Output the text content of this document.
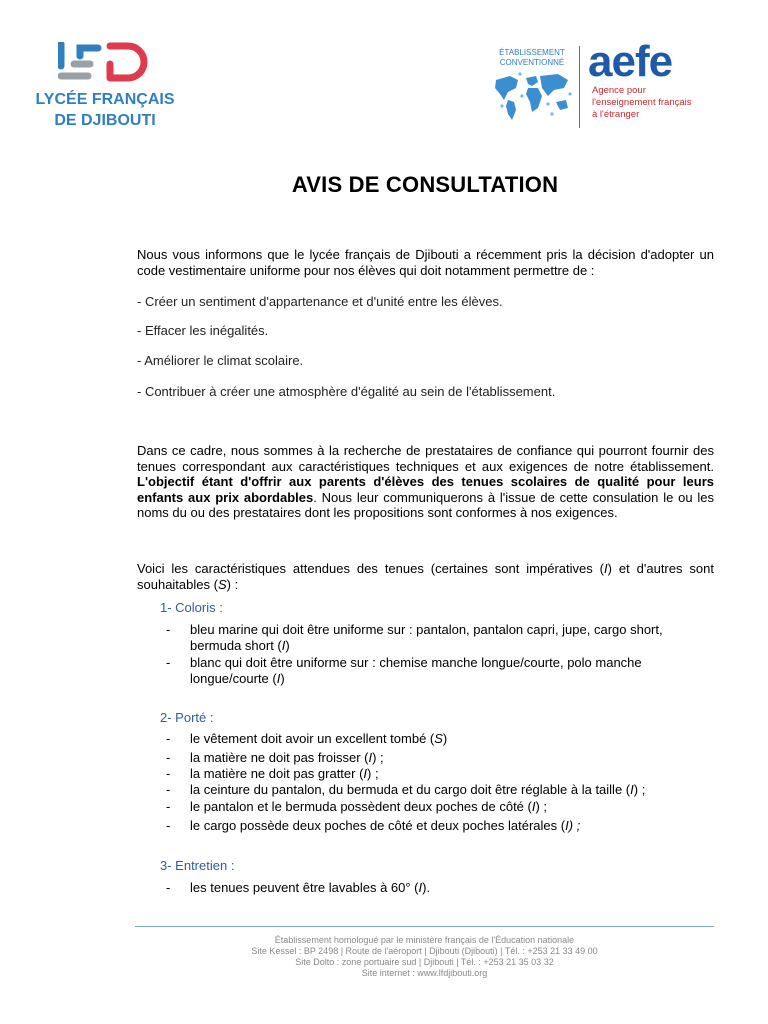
LYCÉE FRANÇAIS
DE DJIBOUTI
ÉTABLISSEMENT
CONVENTIONNÉ aefe
Agence pour
l'enseignement français
à l'étranger
AVIS DE CONSULTATION
Nous vous informons que le lycée français de Djibouti a récemment pris la décision d'adopter un code vestimentaire uniforme pour nos élèves qui doit notamment permettre de :
- Créer un sentiment d'appartenance et d'unité entre les élèves.
- Effacer les inégalités.
- Améliorer le climat scolaire.
- Contribuer à créer une atmosphère d'égalité au sein de l'établissement.
Dans ce cadre, nous sommes à la recherche de prestataires de confiance qui pourront fournir des tenues correspondant aux caractéristiques techniques et aux exigences de notre établissement. L'objectif étant d'offrir aux parents d'élèves des tenues scolaires de qualité pour leurs enfants aux prix abordables. Nous leur communiquerons à l'issue de cette consulation le ou les noms du ou des prestataires dont les propositions sont conformes à nos exigences.
Voici les caractéristiques attendues des tenues (certaines sont impératives (I) et d'autres sont souhaitables (S) :
1- Coloris :
- bleu marine qui doit être uniforme sur : pantalon, pantalon capri, jupe, cargo short, bermuda short (I)
- blanc qui doit être uniforme sur : chemise manche longue/courte, polo manche longue/courte (I)
2- Porté :
- le vêtement doit avoir un excellent tombé (S)
- la matière ne doit pas froisser (I) ;
- la matière ne doit pas gratter (I) ;
- la ceinture du pantalon, du bermuda et du cargo doit être réglable à la taille (I) ;
- le pantalon et le bermuda possèdent deux poches de côté (I) ;
- le cargo possède deux poches de côté et deux poches latérales (I) ;
3- Entretien :
- les tenues peuvent être lavables à 60° (I).
Établissement homologué par le ministère français de l'Éducation nationale
Site Kessel : BP 2498 | Route de l'aéroport | Djibouti (Djibouti) | Tél. : +253 21 33 49 00
Site Dolto : zone portuaire sud | Djibouti | Tél. : +253 21 35 03 32
Site internet : www.lfdjibouti.org
